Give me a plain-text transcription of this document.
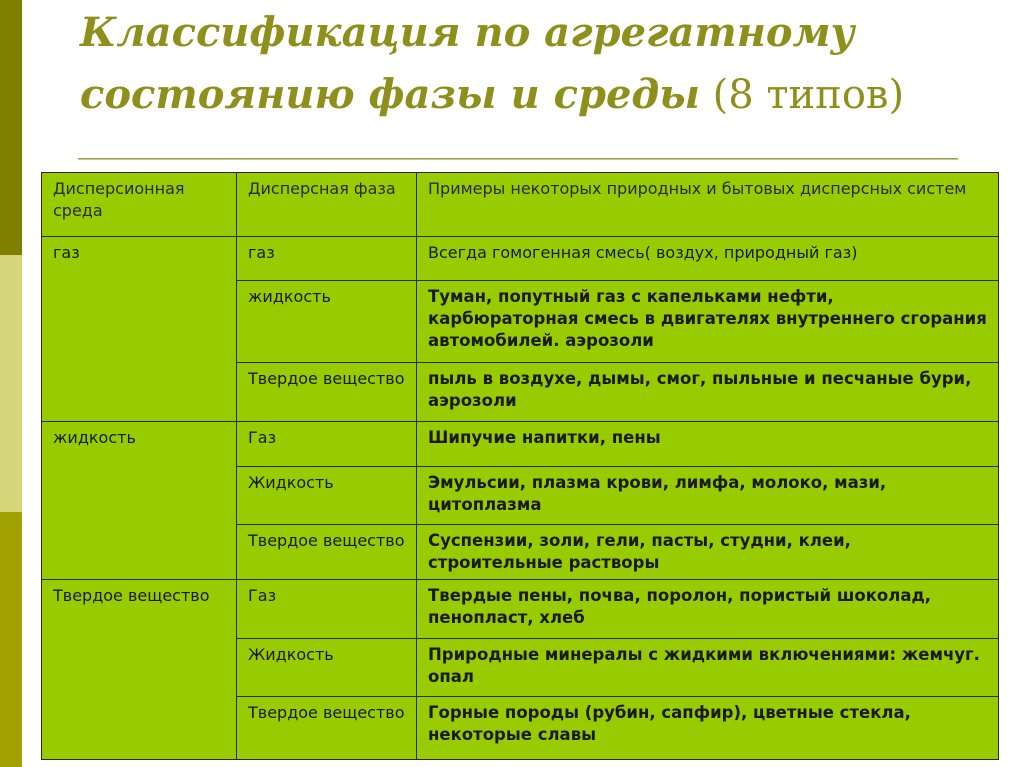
Классификация по агрегатному
состоянию фазы и среды (8 типов)
Дисперсионная среда	Дисперсная фаза	Примеры некоторых природных и бытовых дисперсных систем
газ	газ	Всегда гомогенная смесь( воздух, природный газ)
	жидкость	Туман, попутный газ с капельками нефти, карбюраторная смесь в двигателях внутреннего сгорания автомобилей. аэрозоли
	Твердое вещество	пыль в воздухе, дымы, смог, пыльные и песчаные бури, аэрозоли
жидкость	Газ	Шипучие напитки, пены
	Жидкость	Эмульсии, плазма крови, лимфа, молоко, мази, цитоплазма
	Твердое вещество	Суспензии, золи, гели, пасты, студни, клеи, строительные растворы
Твердое вещество	Газ	Твердые пены, почва, поролон, пористый шоколад, пенопласт, хлеб
	Жидкость	Природные минералы с жидкими включениями: жемчуг. опал
	Твердое вещество	Горные породы (рубин, сапфир), цветные стекла, некоторые славы
